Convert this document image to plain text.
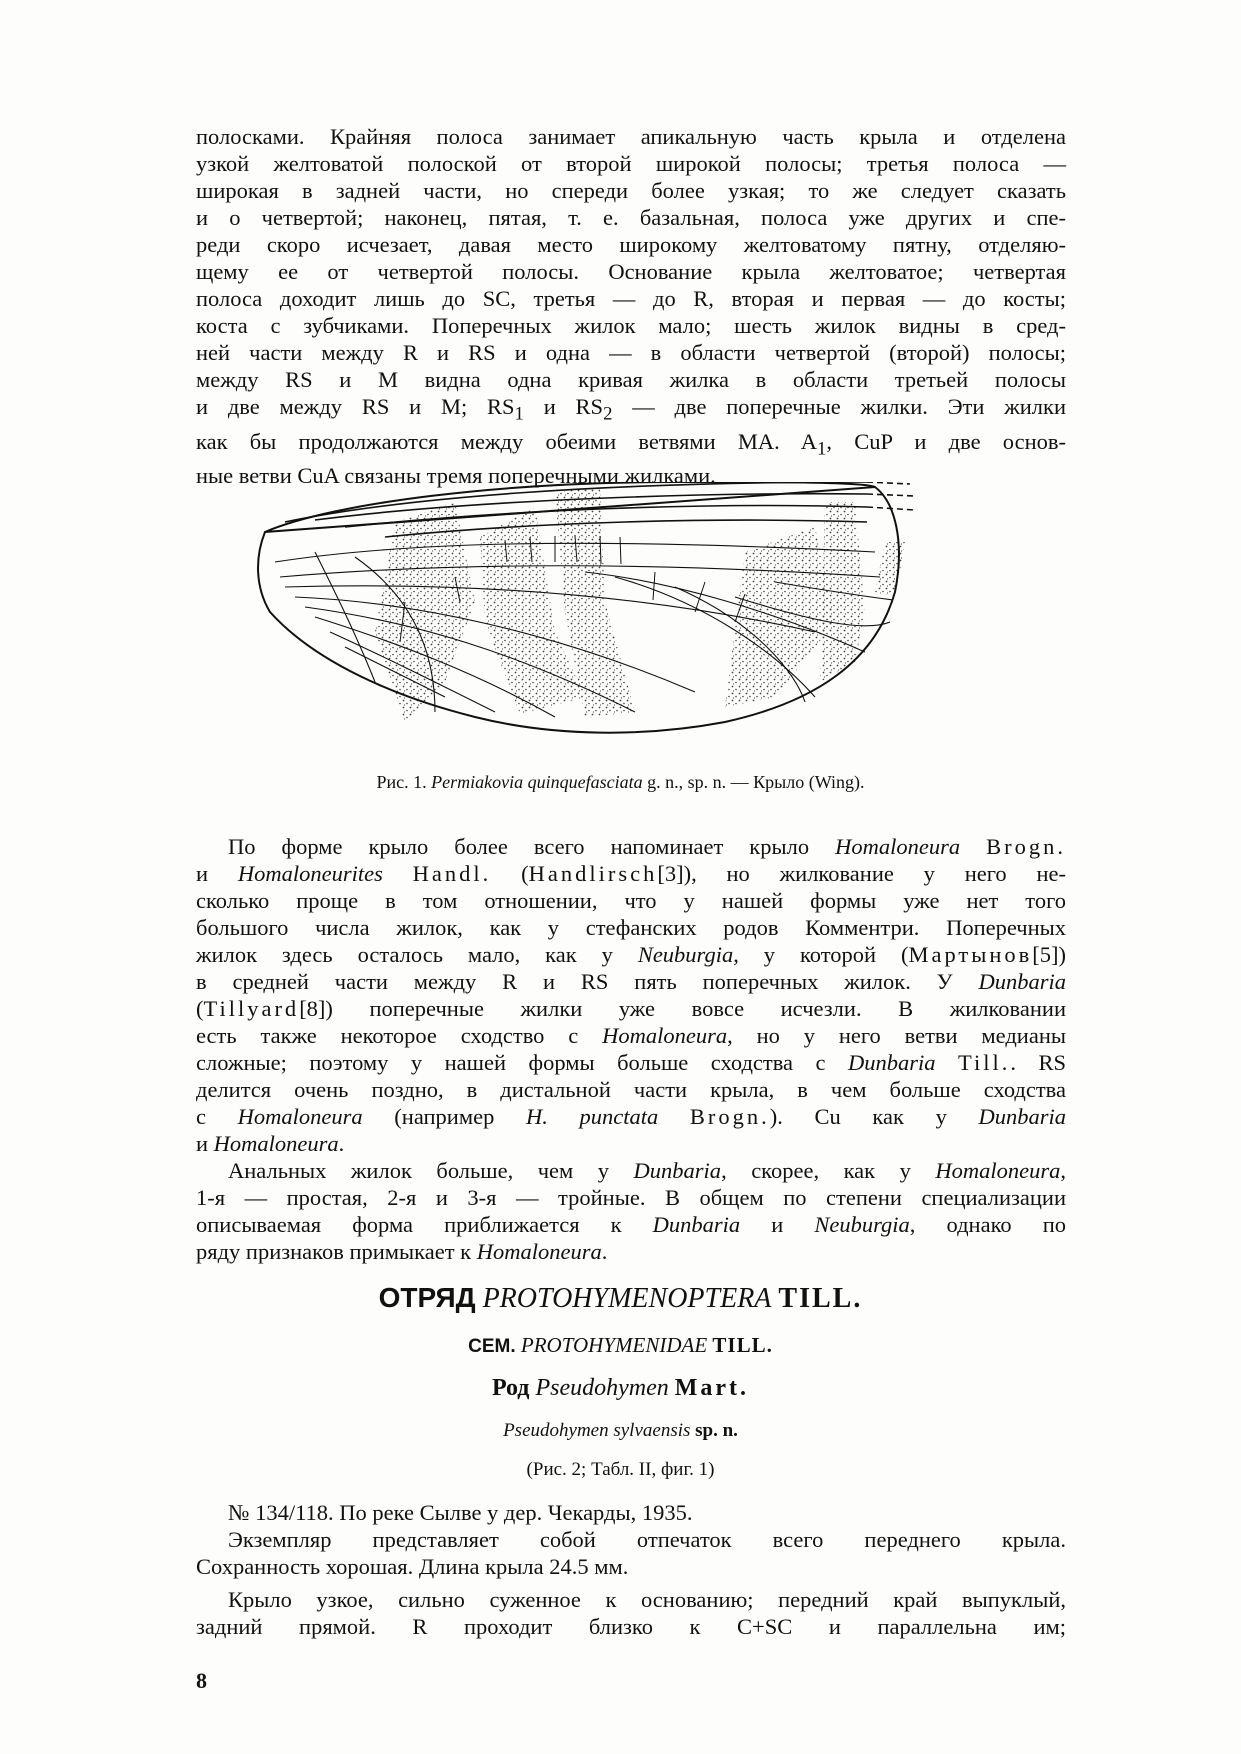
полосками. Крайняя полоса занимает апикальную часть крыла и отделена
узкой желтоватой полоской от второй широкой полосы; третья полоса —
широкая в задней части, но спереди более узкая; то же следует сказать
и о четвертой; наконец, пятая, т. е. базальная, полоса уже других и спе-
реди скоро исчезает, давая место широкому желтоватому пятну, отделяю-
щему ее от четвертой полосы. Основание крыла желтоватое; четвертая
полоса доходит лишь до SC, третья — до R, вторая и первая — до косты;
коста с зубчиками. Поперечных жилок мало; шесть жилок видны в сред-
ней части между R и RS и одна — в области четвертой (второй) полосы;
между RS и M видна одна кривая жилка в области третьей полосы
и две между RS и M; $RS_1$ и $RS_2$ — две поперечные жилки. Эти жилки
как бы продолжаются между обеими ветвями MA. $A_1$, CuP и две основ-
ные ветви CuA связаны тремя поперечными жилками.
Рис. 1. Permiakovia quinquefasciata g. n., sp. n. — Крыло (Wing).
По форме крыло более всего напоминает крыло Homaloneura Brogn.
и Homaloneurites Handl. (Handlirsch[3]), но жилкование у него не-
сколько проще в том отношении, что у нашей формы уже нет того
большого числа жилок, как у стефанских родов Комментри. Поперечных
жилок здесь осталось мало, как у Neuburgia, у которой (Мартынов[5])
в средней части между R и RS пять поперечных жилок. У Dunbaria
(Tillyard[8]) поперечные жилки уже вовсе исчезли. В жилковании
есть также некоторое сходство с Homaloneura, но у него ветви медианы
сложные; поэтому у нашей формы больше сходства с Dunbaria Till.. RS
делится очень поздно, в дистальной части крыла, в чем больше сходства
с Homaloneura (например H. punctata Brogn.). Cu как у Dunbaria
и Homaloneura.
Анальных жилок больше, чем у Dunbaria, скорее, как у Homaloneura,
1-я — простая, 2-я и 3-я — тройные. В общем по степени специализации
описываемая форма приближается к Dunbaria и Neuburgia, однако по
ряду признаков примыкает к Homaloneura.
ОТРЯД PROTOHYMENOPTERA TILL.
СЕМ. PROTOHYMENIDAE TILL.
Род Pseudohymen Mart.
Pseudohymen sylvaensis sp. n.
(Рис. 2; Табл. II, фиг. 1)
№ 134/118. По реке Сылве у дер. Чекарды, 1935.
Экземпляр представляет собой отпечаток всего переднего крыла.
Сохранность хорошая. Длина крыла 24.5 мм.
Крыло узкое, сильно суженное к основанию; передний край выпуклый,
задний прямой. R проходит близко к C+SC и параллельна им;
8
